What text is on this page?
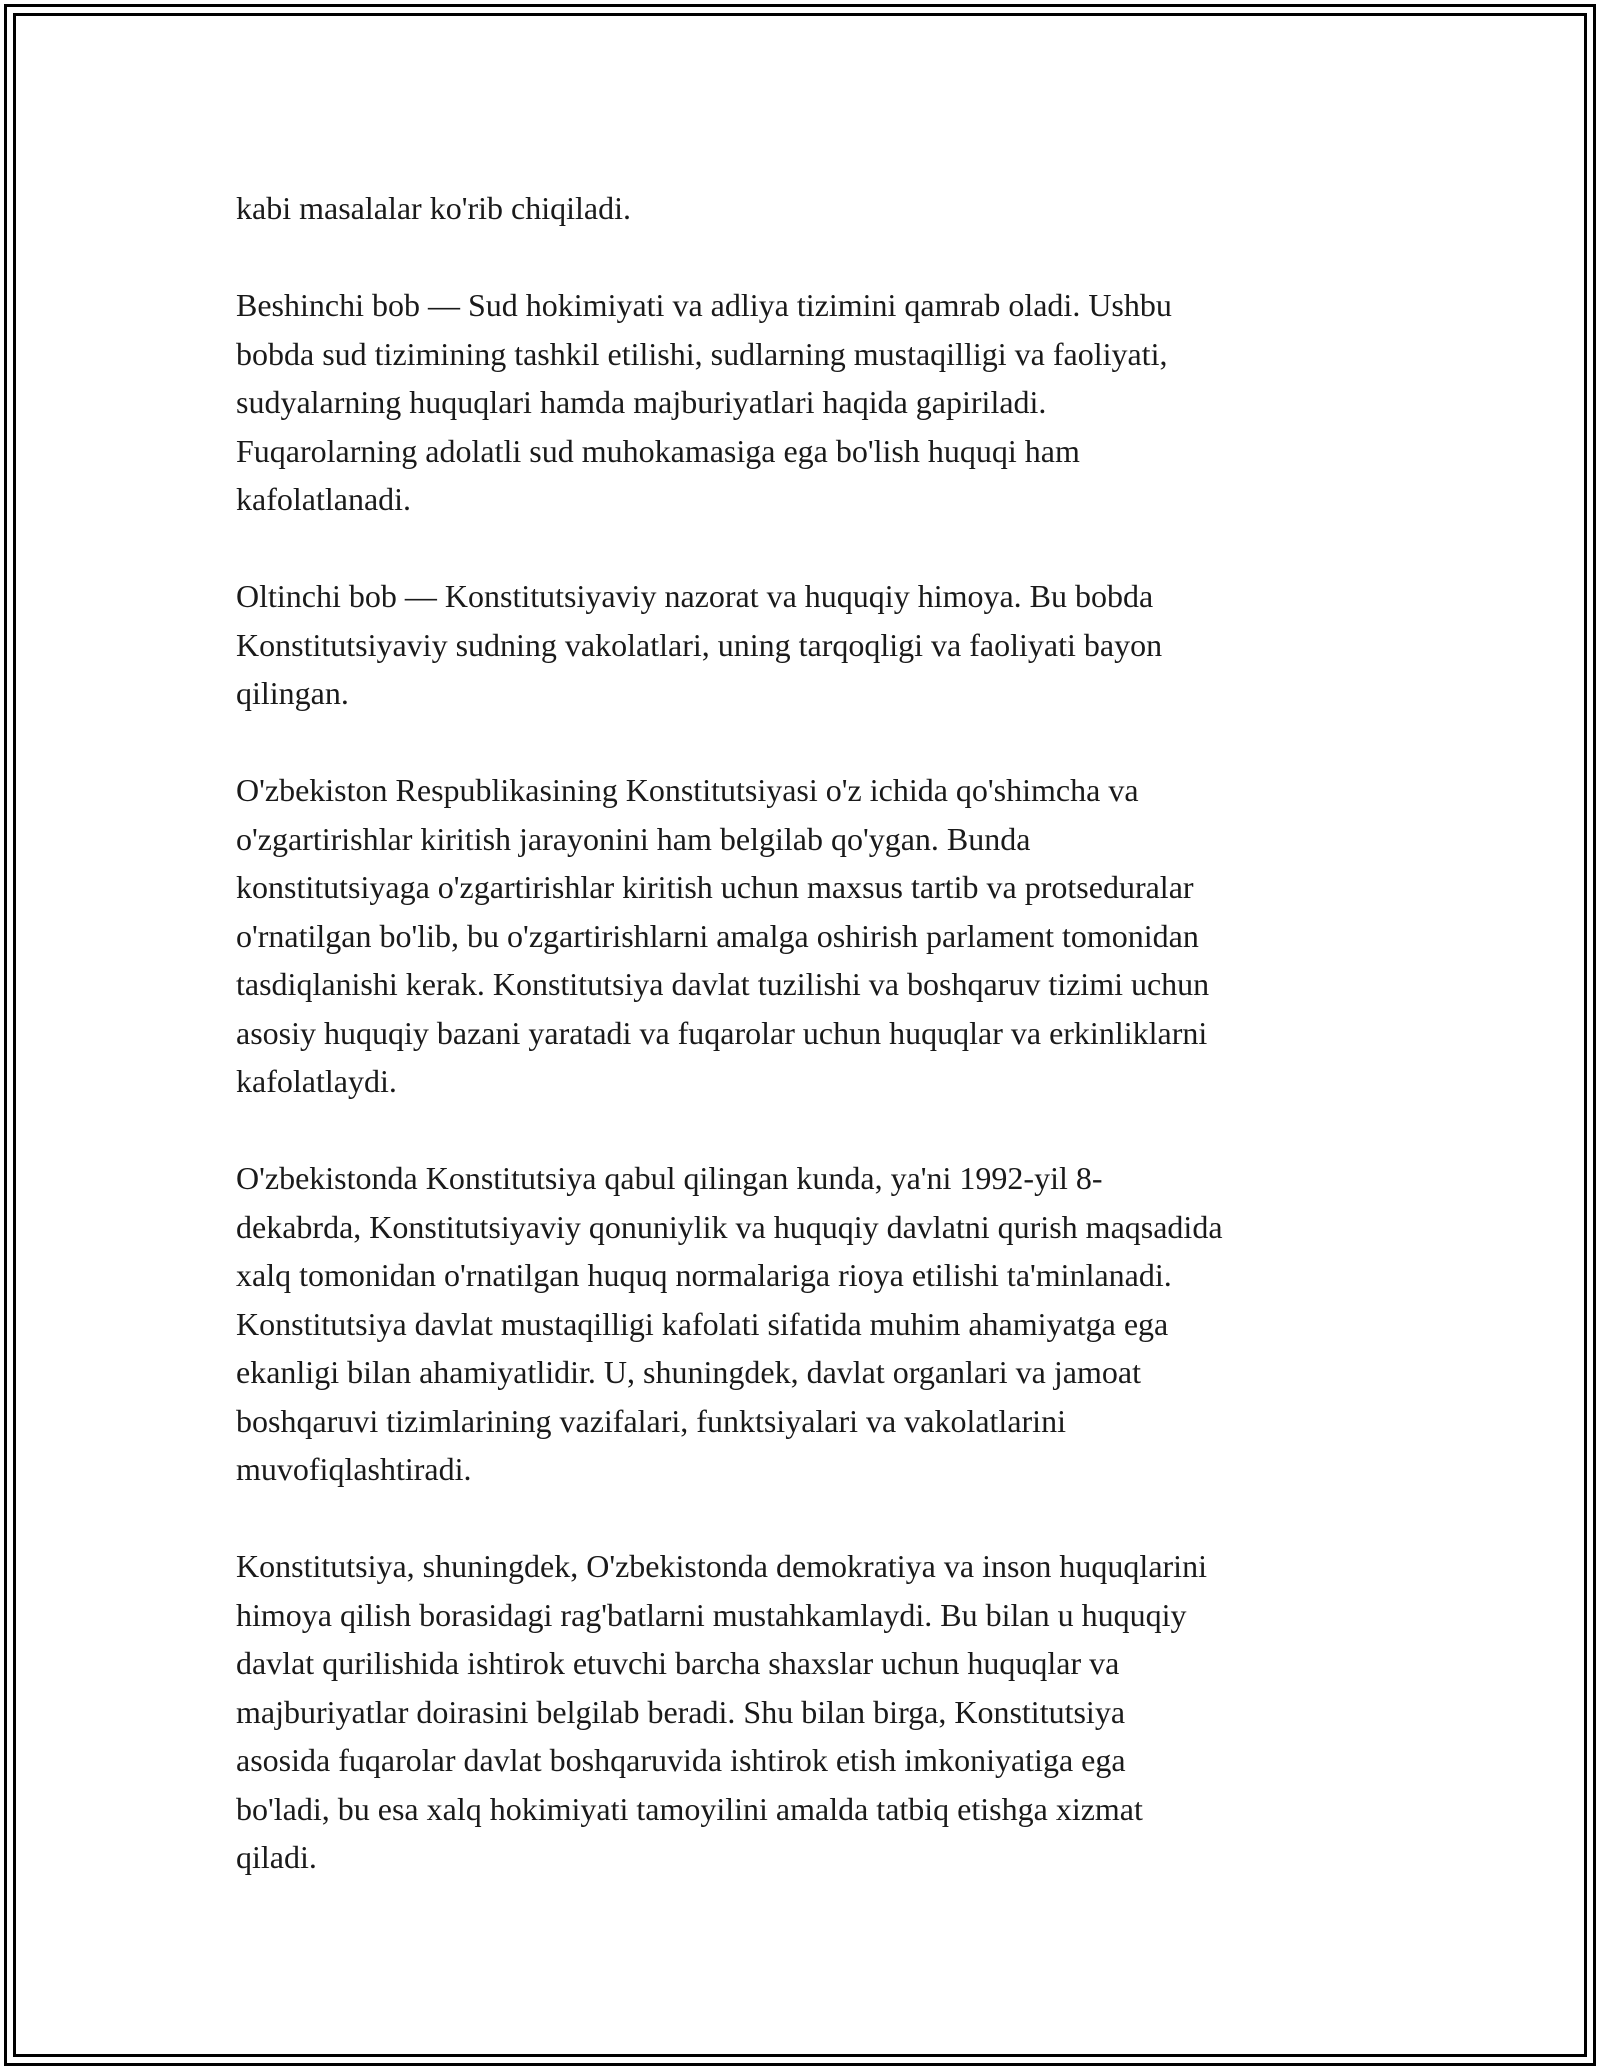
kabi masalalar ko'rib chiqiladi.

Beshinchi bob — Sud hokimiyati va adliya tizimini qamrab oladi. Ushbu
bobda sud tizimining tashkil etilishi, sudlarning mustaqilligi va faoliyati,
sudyalarning huquqlari hamda majburiyatlari haqida gapiriladi.
Fuqarolarning adolatli sud muhokamasiga ega bo'lish huquqi ham
kafolatlanadi.

Oltinchi bob — Konstitutsiyaviy nazorat va huquqiy himoya. Bu bobda
Konstitutsiyaviy sudning vakolatlari, uning tarqoqligi va faoliyati bayon
qilingan.

O'zbekiston Respublikasining Konstitutsiyasi o'z ichida qo'shimcha va
o'zgartirishlar kiritish jarayonini ham belgilab qo'ygan. Bunda
konstitutsiyaga o'zgartirishlar kiritish uchun maxsus tartib va protseduralar
o'rnatilgan bo'lib, bu o'zgartirishlarni amalga oshirish parlament tomonidan
tasdiqlanishi kerak. Konstitutsiya davlat tuzilishi va boshqaruv tizimi uchun
asosiy huquqiy bazani yaratadi va fuqarolar uchun huquqlar va erkinliklarni
kafolatlaydi.

O'zbekistonda Konstitutsiya qabul qilingan kunda, ya'ni 1992-yil 8-
dekabrda, Konstitutsiyaviy qonuniylik va huquqiy davlatni qurish maqsadida
xalq tomonidan o'rnatilgan huquq normalariga rioya etilishi ta'minlanadi.
Konstitutsiya davlat mustaqilligi kafolati sifatida muhim ahamiyatga ega
ekanligi bilan ahamiyatlidir. U, shuningdek, davlat organlari va jamoat
boshqaruvi tizimlarining vazifalari, funktsiyalari va vakolatlarini
muvofiqlashtiradi.

Konstitutsiya, shuningdek, O'zbekistonda demokratiya va inson huquqlarini
himoya qilish borasidagi rag'batlarni mustahkamlaydi. Bu bilan u huquqiy
davlat qurilishida ishtirok etuvchi barcha shaxslar uchun huquqlar va
majburiyatlar doirasini belgilab beradi. Shu bilan birga, Konstitutsiya
asosida fuqarolar davlat boshqaruvida ishtirok etish imkoniyatiga ega
bo'ladi, bu esa xalq hokimiyati tamoyilini amalda tatbiq etishga xizmat
qiladi.
